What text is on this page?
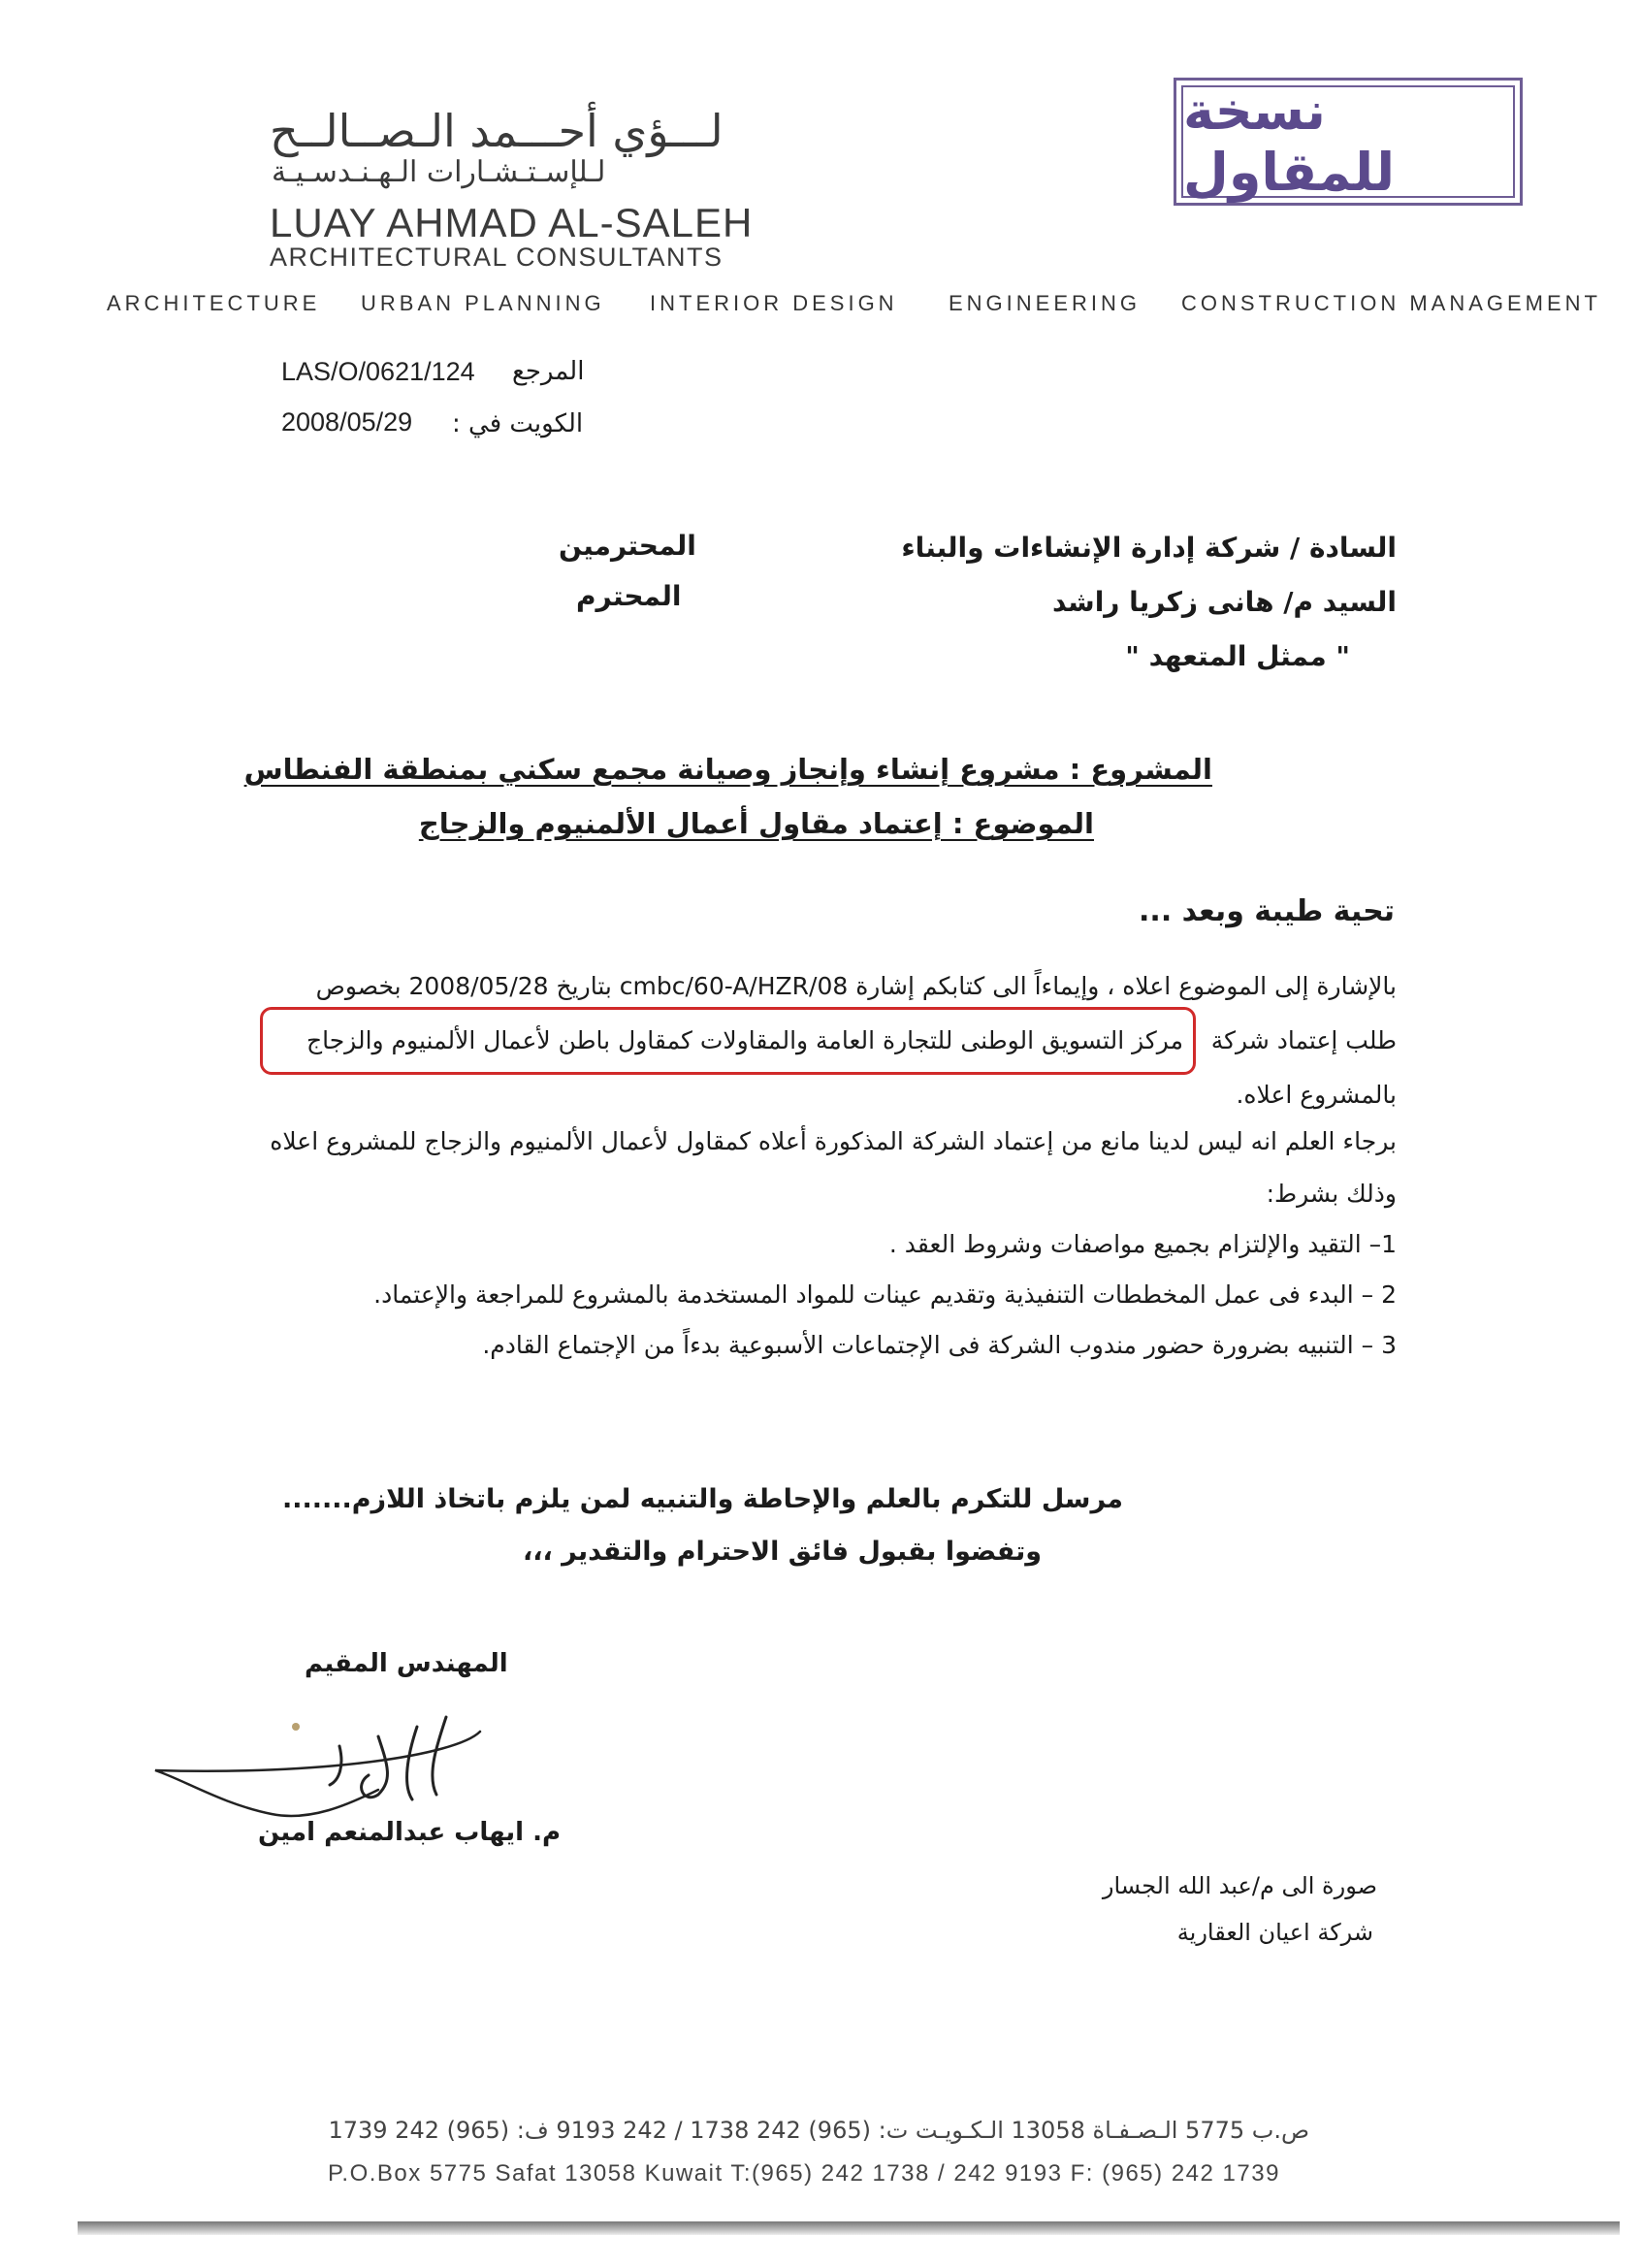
لـــؤي أحـــمد الـصــالــح
لـلإسـتـشـارات الـهـنـدسـيـة
LUAY AHMAD AL-SALEH
ARCHITECTURAL CONSULTANTS
نسخة للمقاول
ARCHITECTURE URBAN PLANNING INTERIOR DESIGN ENGINEERING CONSTRUCTION MANAGEMENT
LAS/O/0621/124 المرجع
2008/05/29 الكويت في :
السادة / شركة إدارة الإنشاءات والبناء
المحترمين
السيد م/ هانى زكريا راشد
المحترم
" ممثل المتعهد "
المشروع : مشروع إنشاء وإنجاز وصيانة مجمع سكني بمنطقة الفنطاس
الموضوع : إعتماد مقاول أعمال الألمنيوم والزجاج
تحية طيبة وبعد ...
بالإشارة إلى الموضوع اعلاه ، وإيماءاً الى كتابكم إشارة cmbc/60-A/HZR/08 بتاريخ 2008/05/28 بخصوص
طلب إعتماد شركة
مركز التسويق الوطنى للتجارة العامة والمقاولات كمقاول باطن لأعمال الألمنيوم والزجاج
بالمشروع اعلاه.
برجاء العلم انه ليس لدينا مانع من إعتماد الشركة المذكورة أعلاه كمقاول لأعمال الألمنيوم والزجاج للمشروع اعلاه
وذلك بشرط:
1– التقيد والإلتزام بجميع مواصفات وشروط العقد .
2 – البدء فى عمل المخططات التنفيذية وتقديم عينات للمواد المستخدمة بالمشروع للمراجعة والإعتماد.
3 – التنبيه بضرورة حضور مندوب الشركة فى الإجتماعات الأسبوعية بدءاً من الإجتماع القادم.
مرسل للتكرم بالعلم والإحاطة والتنبيه لمن يلزم باتخاذ اللازم.......
وتفضوا بقبول فائق الاحترام والتقدير ،،،
المهندس المقيم
م. ايهاب عبدالمنعم امين
صورة الى م/عبد الله الجسار
شركة اعيان العقارية
ص.ب 5775 الـصـفـاة 13058 الـكـويـت ت: (965) 242 1738 / 242 9193 ف: (965) 242 1739
P.O.Box 5775 Safat 13058 Kuwait T:(965) 242 1738 / 242 9193 F: (965) 242 1739
